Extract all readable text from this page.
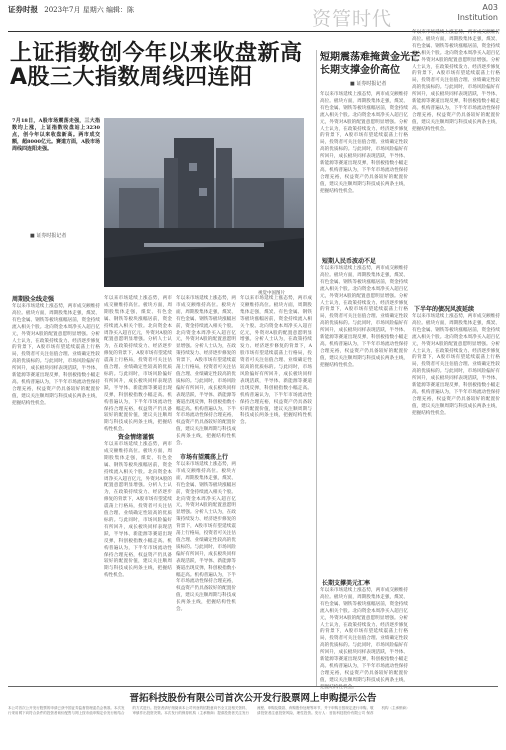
证券时报 2023年7月 星期六 编辑：陈	资管时代
A03
Institution
上证指数创今年以来收盘新高
A股三大指数周线四连阳
7月18日，A股市场震荡走强，三大指数均上涨，上证指数收盘站上3230点，创今年以来收盘新高。两市成交额，超8000亿元。赛道方面，A股市场周线四连阳走强。
■ 证券时报记者
视觉中国图片
短期震荡难掩黄金光芒
长期支撑金价高位
■ 证券时报记者
周期股全线走强
年以来市场延续上涨态势，两市成交额维持高位。板块方面，周期股集体走强，煤炭、有色金属、钢铁等板块涨幅居前，资金持续流入相关个股。北向资金本周净买入超百亿元，外资对A股的配置意愿明显增强。分析人士认为，在政策持续发力、经济逐步修复的背景下，A股市场有望延续震荡上行格局，投资者可关注估值合理、业绩确定性较高的优质标的。与此同时，市场风险偏好有所回升，成长板块同样表现活跃，半导体、新能源等赛道出现反弹，科创板指数小幅走高。机构普遍认为，下半年市场流动性保持合理充裕，权益资产仍具备较好的配置价值，建议关注顺周期与科技成长两条主线，把握结构性机会。
年以来市场延续上涨态势，两市成交额维持高位。板块方面，周期股集体走强，煤炭、有色金属、钢铁等板块涨幅居前，资金持续流入相关个股。北向资金本周净买入超百亿元，外资对A股的配置意愿明显增强。分析人士认为，在政策持续发力、经济逐步修复的背景下，A股市场有望延续震荡上行格局，投资者可关注估值合理、业绩确定性较高的优质标的。与此同时，市场风险偏好有所回升，成长板块同样表现活跃，半导体、新能源等赛道出现反弹，科创板指数小幅走高。机构普遍认为，下半年市场流动性保持合理充裕，权益资产仍具备较好的配置价值，建议关注顺周期与科技成长两条主线，把握结构性机会。
资金情绪谨慎
年以来市场延续上涨态势，两市成交额维持高位。板块方面，周期股集体走强，煤炭、有色金属、钢铁等板块涨幅居前，资金持续流入相关个股。北向资金本周净买入超百亿元，外资对A股的配置意愿明显增强。分析人士认为，在政策持续发力、经济逐步修复的背景下，A股市场有望延续震荡上行格局，投资者可关注估值合理、业绩确定性较高的优质标的。与此同时，市场风险偏好有所回升，成长板块同样表现活跃，半导体、新能源等赛道出现反弹，科创板指数小幅走高。机构普遍认为，下半年市场流动性保持合理充裕，权益资产仍具备较好的配置价值，建议关注顺周期与科技成长两条主线，把握结构性机会。
年以来市场延续上涨态势，两市成交额维持高位。板块方面，周期股集体走强，煤炭、有色金属、钢铁等板块涨幅居前，资金持续流入相关个股。北向资金本周净买入超百亿元，外资对A股的配置意愿明显增强。分析人士认为，在政策持续发力、经济逐步修复的背景下，A股市场有望延续震荡上行格局，投资者可关注估值合理、业绩确定性较高的优质标的。与此同时，市场风险偏好有所回升，成长板块同样表现活跃，半导体、新能源等赛道出现反弹，科创板指数小幅走高。机构普遍认为，下半年市场流动性保持合理充裕，权益资产仍具备较好的配置价值，建议关注顺周期与科技成长两条主线，把握结构性机会。
市场有望震荡上行
年以来市场延续上涨态势，两市成交额维持高位。板块方面，周期股集体走强，煤炭、有色金属、钢铁等板块涨幅居前，资金持续流入相关个股。北向资金本周净买入超百亿元，外资对A股的配置意愿明显增强。分析人士认为，在政策持续发力、经济逐步修复的背景下，A股市场有望延续震荡上行格局，投资者可关注估值合理、业绩确定性较高的优质标的。与此同时，市场风险偏好有所回升，成长板块同样表现活跃，半导体、新能源等赛道出现反弹，科创板指数小幅走高。机构普遍认为，下半年市场流动性保持合理充裕，权益资产仍具备较好的配置价值，建议关注顺周期与科技成长两条主线，把握结构性机会。
年以来市场延续上涨态势，两市成交额维持高位。板块方面，周期股集体走强，煤炭、有色金属、钢铁等板块涨幅居前，资金持续流入相关个股。北向资金本周净买入超百亿元，外资对A股的配置意愿明显增强。分析人士认为，在政策持续发力、经济逐步修复的背景下，A股市场有望延续震荡上行格局，投资者可关注估值合理、业绩确定性较高的优质标的。与此同时，市场风险偏好有所回升，成长板块同样表现活跃，半导体、新能源等赛道出现反弹，科创板指数小幅走高。机构普遍认为，下半年市场流动性保持合理充裕，权益资产仍具备较好的配置价值，建议关注顺周期与科技成长两条主线，把握结构性机会。
年以来市场延续上涨态势，两市成交额维持高位。板块方面，周期股集体走强，煤炭、有色金属、钢铁等板块涨幅居前，资金持续流入相关个股。北向资金本周净买入超百亿元，外资对A股的配置意愿明显增强。分析人士认为，在政策持续发力、经济逐步修复的背景下，A股市场有望延续震荡上行格局，投资者可关注估值合理、业绩确定性较高的优质标的。与此同时，市场风险偏好有所回升，成长板块同样表现活跃，半导体、新能源等赛道出现反弹，科创板指数小幅走高。机构普遍认为，下半年市场流动性保持合理充裕，权益资产仍具备较好的配置价值，建议关注顺周期与科技成长两条主线，把握结构性机会。
短期人民币波动不足
年以来市场延续上涨态势，两市成交额维持高位。板块方面，周期股集体走强，煤炭、有色金属、钢铁等板块涨幅居前，资金持续流入相关个股。北向资金本周净买入超百亿元，外资对A股的配置意愿明显增强。分析人士认为，在政策持续发力、经济逐步修复的背景下，A股市场有望延续震荡上行格局，投资者可关注估值合理、业绩确定性较高的优质标的。与此同时，市场风险偏好有所回升，成长板块同样表现活跃，半导体、新能源等赛道出现反弹，科创板指数小幅走高。机构普遍认为，下半年市场流动性保持合理充裕，权益资产仍具备较好的配置价值，建议关注顺周期与科技成长两条主线，把握结构性机会。
长期支撑美元汇率
年以来市场延续上涨态势，两市成交额维持高位。板块方面，周期股集体走强，煤炭、有色金属、钢铁等板块涨幅居前，资金持续流入相关个股。北向资金本周净买入超百亿元，外资对A股的配置意愿明显增强。分析人士认为，在政策持续发力、经济逐步修复的背景下，A股市场有望延续震荡上行格局，投资者可关注估值合理、业绩确定性较高的优质标的。与此同时，市场风险偏好有所回升，成长板块同样表现活跃，半导体、新能源等赛道出现反弹，科创板指数小幅走高。机构普遍认为，下半年市场流动性保持合理充裕，权益资产仍具备较好的配置价值，建议关注顺周期与科技成长两条主线，把握结构性机会。
年以来市场延续上涨态势，两市成交额维持高位。板块方面，周期股集体走强，煤炭、有色金属、钢铁等板块涨幅居前，资金持续流入相关个股。北向资金本周净买入超百亿元，外资对A股的配置意愿明显增强。分析人士认为，在政策持续发力、经济逐步修复的背景下，A股市场有望延续震荡上行格局，投资者可关注估值合理、业绩确定性较高的优质标的。与此同时，市场风险偏好有所回升，成长板块同样表现活跃，半导体、新能源等赛道出现反弹，科创板指数小幅走高。机构普遍认为，下半年市场流动性保持合理充裕，权益资产仍具备较好的配置价值，建议关注顺周期与科技成长两条主线，把握结构性机会。
下半年的债况风波延续
年以来市场延续上涨态势，两市成交额维持高位。板块方面，周期股集体走强，煤炭、有色金属、钢铁等板块涨幅居前，资金持续流入相关个股。北向资金本周净买入超百亿元，外资对A股的配置意愿明显增强。分析人士认为，在政策持续发力、经济逐步修复的背景下，A股市场有望延续震荡上行格局，投资者可关注估值合理、业绩确定性较高的优质标的。与此同时，市场风险偏好有所回升，成长板块同样表现活跃，半导体、新能源等赛道出现反弹，科创板指数小幅走高。机构普遍认为，下半年市场流动性保持合理充裕，权益资产仍具备较好的配置价值，建议关注顺周期与科技成长两条主线，把握结构性机会。
晋拓科技股份有限公司首次公开发行股票网上申购提示公告
本公司首次公开发行股票的申请已获中国证券监督管理委员会核准。本次发行采用网下向符合条件的投资者询价配售与网上按市值申购定价发行相结合的方式进行。投资者请仔细阅读本公司刊登的招股意向书全文及相关资料，审慎作出投资决策。本次发行的保荐机构（主承销商）提请投资者关注发行流程、申购及缴款、弃购股份处理等环节，并于申购日按规定进行申购。敬请投资者注意投资风险，理性投资。发行人：晋拓科技股份有限公司 保荐机构（主承销商）
